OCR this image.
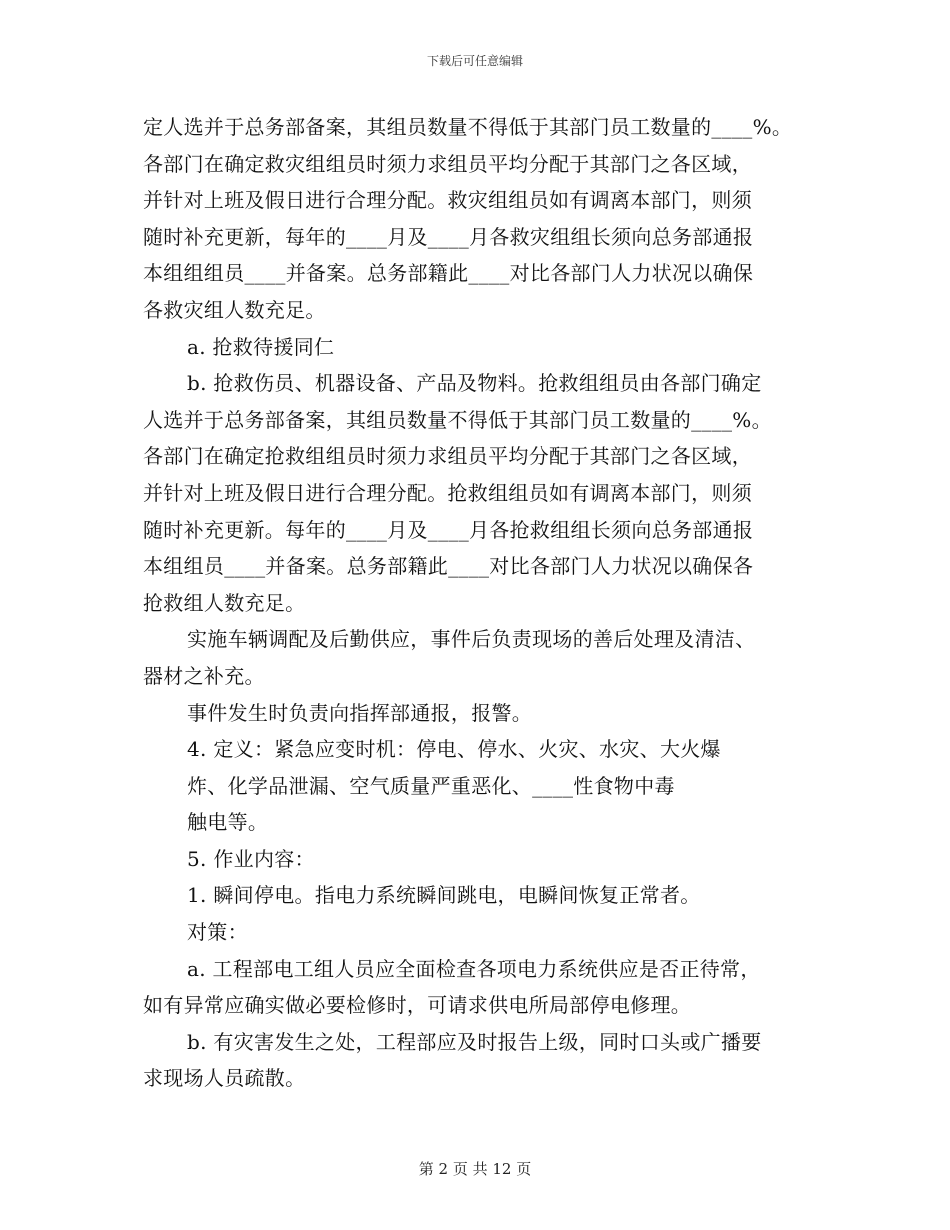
下载后可任意编辑
定人选并于总务部备案，其组员数量不得低于其部门员工数量的____%。
各部门在确定救灾组组员时须力求组员平均分配于其部门之各区域，
并针对上班及假日进行合理分配。救灾组组员如有调离本部门，则须
随时补充更新，每年的____月及____月各救灾组组长须向总务部通报
本组组组员____并备案。总务部籍此____对比各部门人力状况以确保
各救灾组人数充足。
a. 抢救待援同仁
b. 抢救伤员、机器设备、产品及物料。抢救组组员由各部门确定
人选并于总务部备案，其组员数量不得低于其部门员工数量的____%。
各部门在确定抢救组组员时须力求组员平均分配于其部门之各区域，
并针对上班及假日进行合理分配。抢救组组员如有调离本部门，则须
随时补充更新。每年的____月及____月各抢救组组长须向总务部通报
本组组员____并备案。总务部籍此____对比各部门人力状况以确保各
抢救组人数充足。
实施车辆调配及后勤供应，事件后负责现场的善后处理及清洁、
器材之补充。
事件发生时负责向指挥部通报，报警。
4. 定义：紧急应变时机：停电、停水、火灾、水灾、大火爆
炸、化学品泄漏、空气质量严重恶化、____性食物中毒
触电等。
5. 作业内容：
1. 瞬间停电。指电力系统瞬间跳电，电瞬间恢复正常者。
对策：
a. 工程部电工组人员应全面检查各项电力系统供应是否正待常，
如有异常应确实做必要检修时，可请求供电所局部停电修理。
b. 有灾害发生之处，工程部应及时报告上级，同时口头或广播要
求现场人员疏散。
第 2 页 共 12 页
